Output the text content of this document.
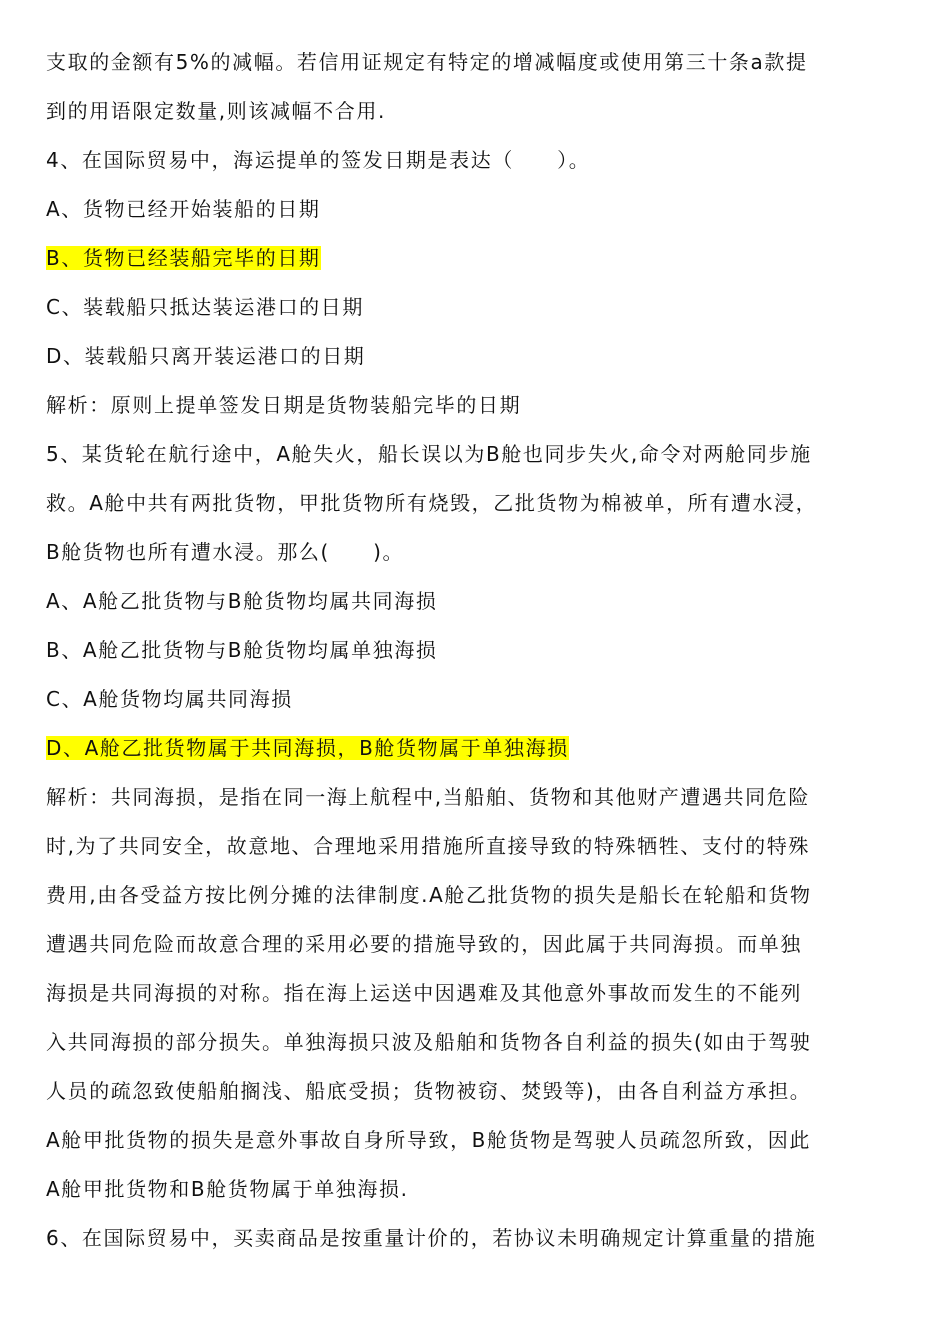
支取的金额有5%的减幅。若信用证规定有特定的增减幅度或使用第三十条a款提
到的用语限定数量,则该减幅不合用.
4、在国际贸易中，海运提单的签发日期是表达（　　）。
A、货物已经开始装船的日期
B、货物已经装船完毕的日期
C、装载船只抵达装运港口的日期
D、装载船只离开装运港口的日期
解析：原则上提单签发日期是货物装船完毕的日期
5、某货轮在航行途中，A舱失火，船长误以为B舱也同步失火,命令对两舱同步施
救。A舱中共有两批货物，甲批货物所有烧毁，乙批货物为棉被单，所有遭水浸，
B舱货物也所有遭水浸。那么(　　)。
A、A舱乙批货物与B舱货物均属共同海损
B、A舱乙批货物与B舱货物均属单独海损
C、A舱货物均属共同海损
D、A舱乙批货物属于共同海损，B舱货物属于单独海损
解析：共同海损，是指在同一海上航程中,当船舶、货物和其他财产遭遇共同危险
时,为了共同安全，故意地、合理地采用措施所直接导致的特殊牺牲、支付的特殊
费用,由各受益方按比例分摊的法律制度.A舱乙批货物的损失是船长在轮船和货物
遭遇共同危险而故意合理的采用必要的措施导致的，因此属于共同海损。而单独
海损是共同海损的对称。指在海上运送中因遇难及其他意外事故而发生的不能列
入共同海损的部分损失。单独海损只波及船舶和货物各自利益的损失(如由于驾驶
人员的疏忽致使船舶搁浅、船底受损；货物被窃、焚毁等)，由各自利益方承担。
A舱甲批货物的损失是意外事故自身所导致，B舱货物是驾驶人员疏忽所致，因此
A舱甲批货物和B舱货物属于单独海损.
6、在国际贸易中，买卖商品是按重量计价的，若协议未明确规定计算重量的措施
